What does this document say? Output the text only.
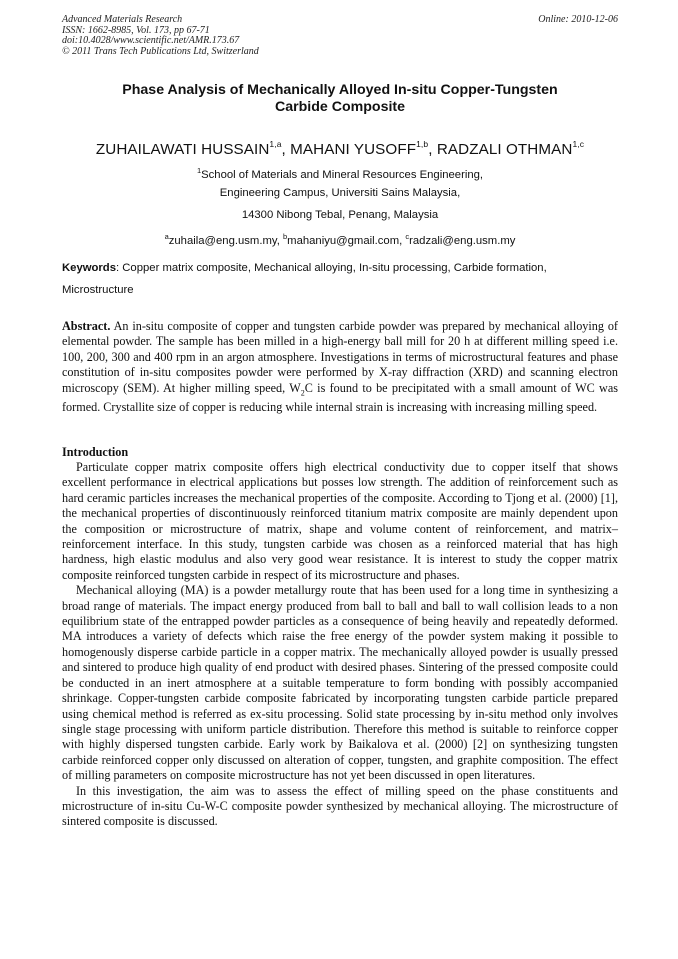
Advanced Materials Research
ISSN: 1662-8985, Vol. 173, pp 67-71
doi:10.4028/www.scientific.net/AMR.173.67
© 2011 Trans Tech Publications Ltd, Switzerland
Online: 2010-12-06
Phase Analysis of Mechanically Alloyed In-situ Copper-Tungsten
Carbide Composite
ZUHAILAWATI HUSSAIN$^{1,a}$, MAHANI YUSOFF$^{1,b}$, RADZALI OTHMAN$^{1,c}$
$^1$School of Materials and Mineral Resources Engineering,
Engineering Campus, Universiti Sains Malaysia,
14300 Nibong Tebal, Penang, Malaysia
$^a$zuhaila@eng.usm.my, $^b$mahaniyu@gmail.com, $^c$radzali@eng.usm.my
Keywords: Copper matrix composite, Mechanical alloying, In-situ processing, Carbide formation, Microstructure
Abstract. An in-situ composite of copper and tungsten carbide powder was prepared by mechanical alloying of elemental powder. The sample has been milled in a high-energy ball mill for 20 h at different milling speed i.e. 100, 200, 300 and 400 rpm in an argon atmosphere. Investigations in terms of microstructural features and phase constitution of in-situ composites powder were performed by X-ray diffraction (XRD) and scanning electron microscopy (SEM). At higher milling speed, $W_2C$ is found to be precipitated with a small amount of WC was formed. Crystallite size of copper is reducing while internal strain is increasing with increasing milling speed.
Introduction

Particulate copper matrix composite offers high electrical conductivity due to copper itself that shows excellent performance in electrical applications but posses low strength. The addition of reinforcement such as hard ceramic particles increases the mechanical properties of the composite. According to Tjong et al. (2000) [1], the mechanical properties of discontinuously reinforced titanium matrix composite are mainly dependent upon the composition or microstructure of matrix, shape and volume content of reinforcement, and matrix–reinforcement interface. In this study, tungsten carbide was chosen as a reinforced material that has high hardness, high elastic modulus and also very good wear resistance. It is interest to study the copper matrix composite reinforced tungsten carbide in respect of its microstructure and phases.

Mechanical alloying (MA) is a powder metallurgy route that has been used for a long time in synthesizing a broad range of materials. The impact energy produced from ball to ball and ball to wall collision leads to a non equilibrium state of the entrapped powder particles as a consequence of being heavily and repeatedly deformed. MA introduces a variety of defects which raise the free energy of the powder system making it possible to homogenously disperse carbide particle in a copper matrix. The mechanically alloyed powder is usually pressed and sintered to produce high quality of end product with desired phases. Sintering of the pressed composite could be conducted in an inert atmosphere at a suitable temperature to form bonding with possibly accompanied shrinkage. Copper-tungsten carbide composite fabricated by incorporating tungsten carbide particle prepared using chemical method is referred as ex-situ processing. Solid state processing by in-situ method only involves single stage processing with uniform particle distribution. Therefore this method is suitable to reinforce copper with highly dispersed tungsten carbide. Early work by Baikalova et al. (2000) [2] on synthesizing tungsten carbide reinforced copper only discussed on alteration of copper, tungsten, and graphite composition. The effect of milling parameters on composite microstructure has not yet been discussed in open literatures.

In this investigation, the aim was to assess the effect of milling speed on the phase constituents and microstructure of in-situ Cu-W-C composite powder synthesized by mechanical alloying. The microstructure of sintered composite is discussed.
